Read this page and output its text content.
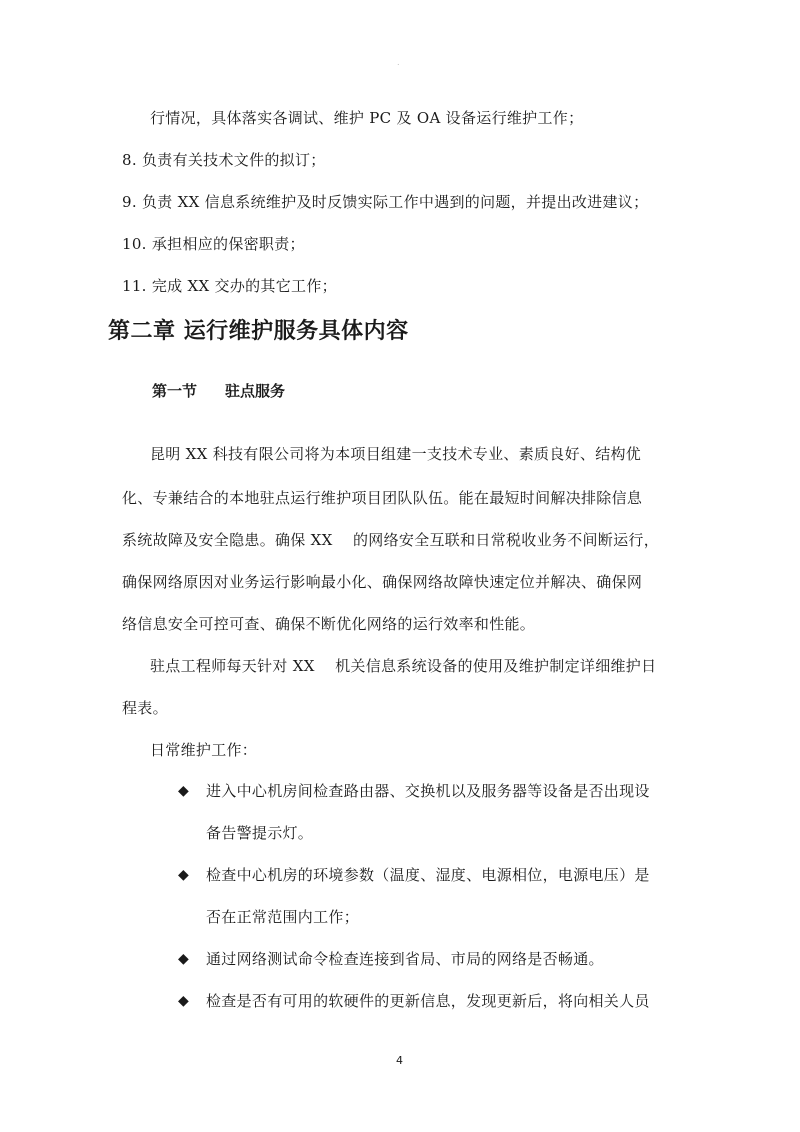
.
行情况，具体落实各调试、维护 PC 及 OA 设备运行维护工作；
8. 负责有关技术文件的拟订；
9. 负责 XX 信息系统维护及时反馈实际工作中遇到的问题，并提出改进建议；
10. 承担相应的保密职责；
11. 完成 XX 交办的其它工作；
第二章 运行维护服务具体内容
第一节 驻点服务
昆明 XX 科技有限公司将为本项目组建一支技术专业、素质良好、结构优
化、专兼结合的本地驻点运行维护项目团队队伍。能在最短时间解决排除信息
系统故障及安全隐患。确保 XX　 的网络安全互联和日常税收业务不间断运行，
确保网络原因对业务运行影响最小化、确保网络故障快速定位并解决、确保网
络信息安全可控可查、确保不断优化网络的运行效率和性能。
驻点工程师每天针对 XX　 机关信息系统设备的使用及维护制定详细维护日
程表。
日常维护工作：
◆ 进入中心机房间检查路由器、交换机以及服务器等设备是否出现设
备告警提示灯。
◆ 检查中心机房的环境参数（温度、湿度、电源相位，电源电压）是
否在正常范围内工作；
◆ 通过网络测试命令检查连接到省局、市局的网络是否畅通。
◆ 检查是否有可用的软硬件的更新信息，发现更新后，将向相关人员
4
